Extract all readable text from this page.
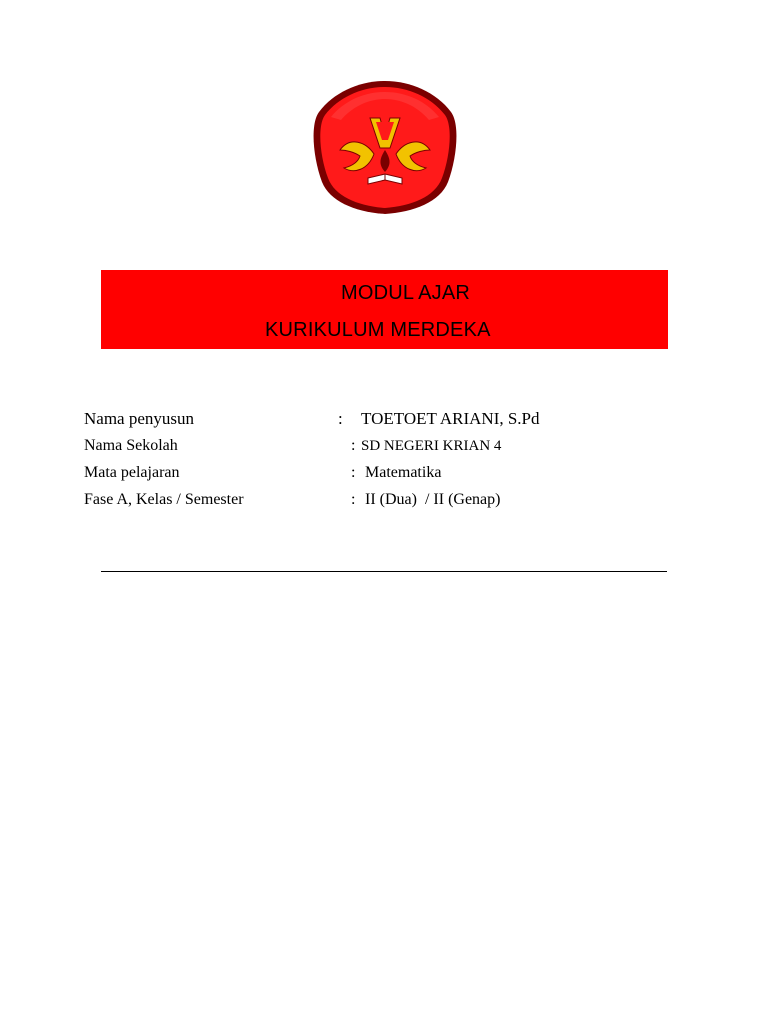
MODUL AJAR
KURIKULUM MERDEKA
Nama penyusun	: TOETOET ARIANI, S.Pd
Nama Sekolah	: SD NEGERI KRIAN 4
Mata pelajaran	: Matematika
Fase A, Kelas / Semester	: II (Dua)  / II (Genap)
